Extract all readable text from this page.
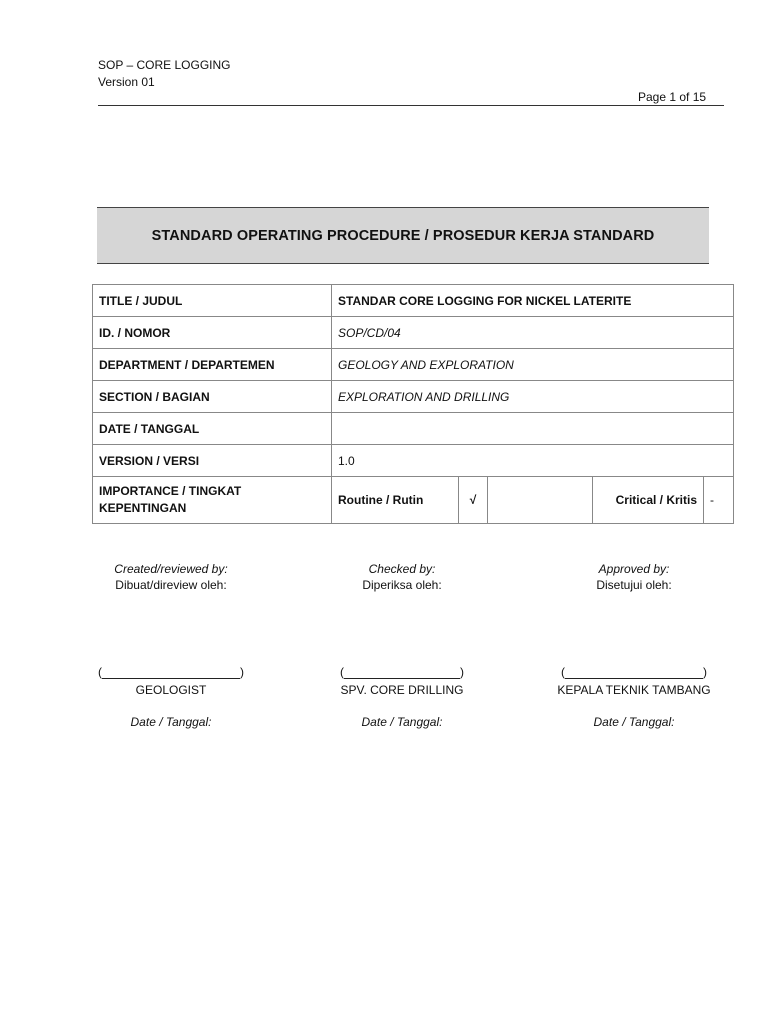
SOP – CORE LOGGING
Version 01
Page 1 of 15
STANDARD OPERATING PROCEDURE / PROSEDUR KERJA STANDARD
TITLE / JUDUL	STANDAR CORE LOGGING FOR NICKEL LATERITE				
ID. / NOMOR	SOP/CD/04				
DEPARTMENT / DEPARTEMEN	GEOLOGY AND EXPLORATION				
SECTION / BAGIAN	EXPLORATION AND DRILLING				
DATE / TANGGAL					
VERSION / VERSI	1.0				

IMPORTANCE / TINGKAT
KEPENTINGAN	Routine / Rutin	√		Critical / Kritis	-
Created/reviewed by:
Dibuat/direview oleh:
Checked by:
Diperiksa oleh:
Approved by:
Disetujui oleh:
(	)	(	)	(	)
GEOLOGIST	SPV. CORE DRILLING	KEPALA TEKNIK TAMBANG
Date / Tanggal:	Date / Tanggal:	Date / Tanggal:
